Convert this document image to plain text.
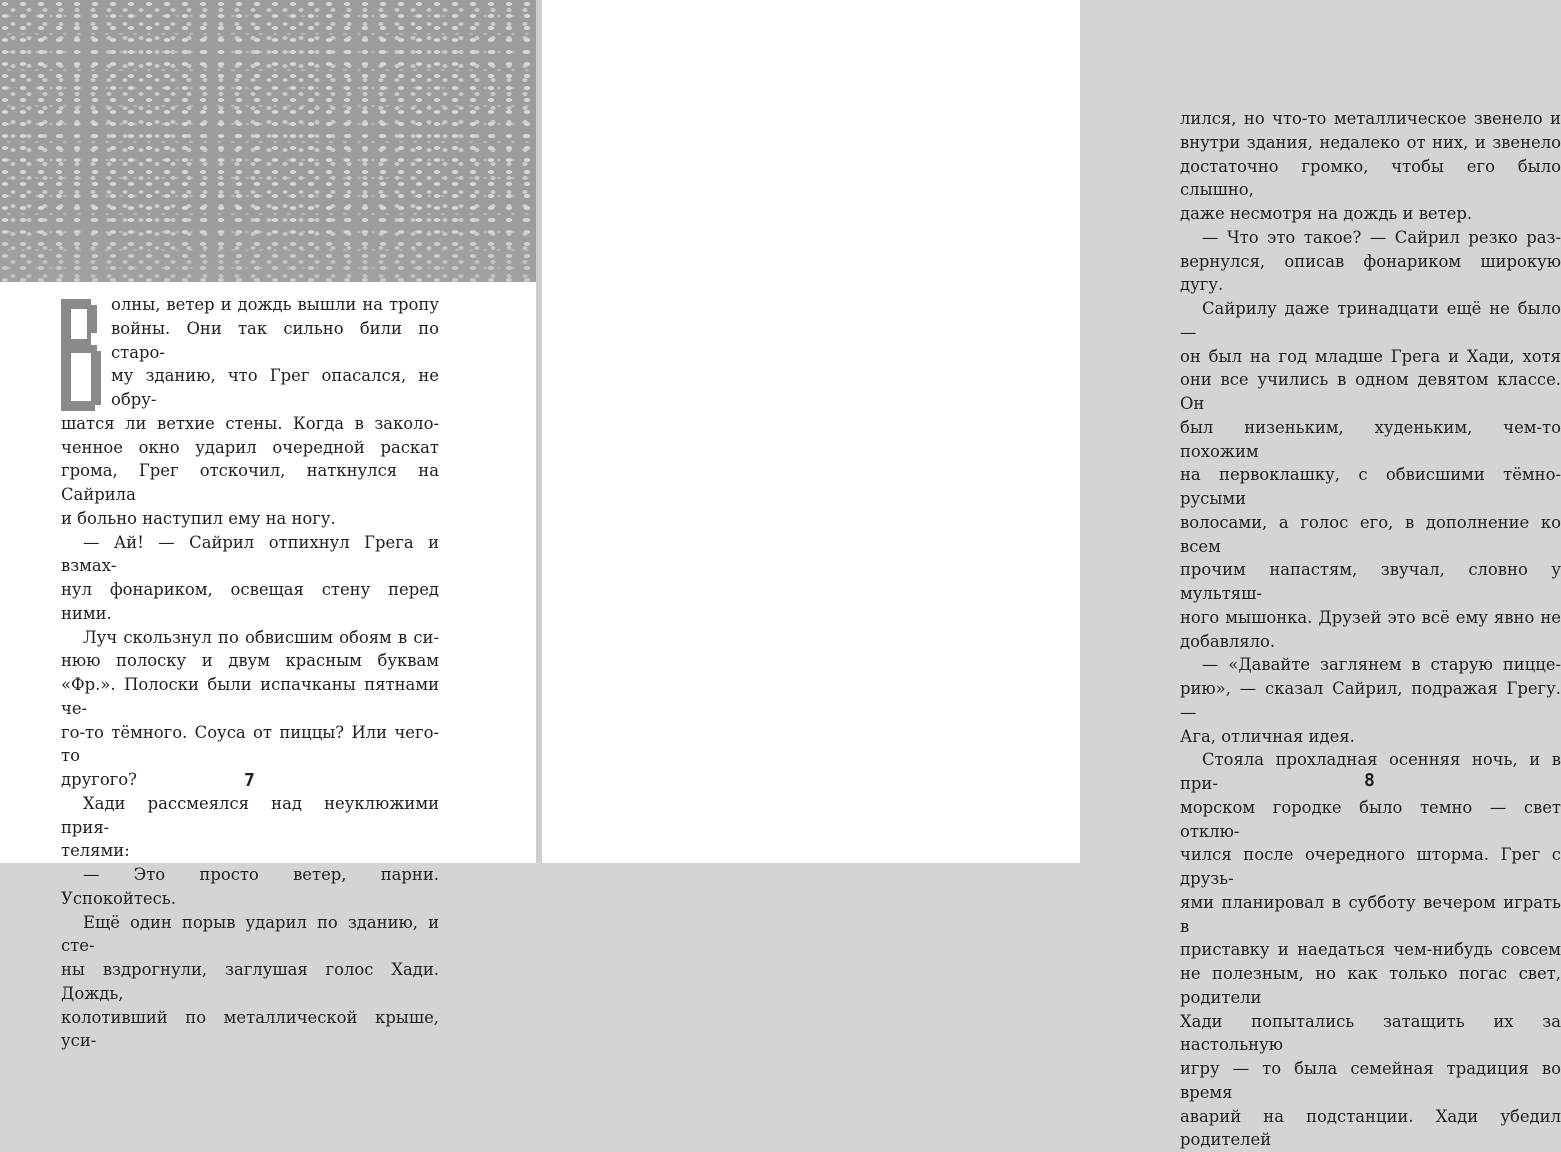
олны, ветер и дождь вышли на тропу
войны. Они так сильно били по старо-
му зданию, что Грег опасался, не обру-
шатся ли ветхие стены. Когда в заколо-
ченное окно ударил очередной раскат
грома, Грег отскочил, наткнулся на Сайрила
и больно наступил ему на ногу.

— Ай! — Сайрил отпихнул Грега и взмах-
нул фонариком, освещая стену перед ними.

Луч скользнул по обвисшим обоям в си-
нюю полоску и двум красным буквам
«Фр.». Полоски были испачканы пятнами че-
го-то тёмного. Соуса от пиццы? Или чего-то
другого?

Хади рассмеялся над неуклюжими прия-
телями:

— Это просто ветер, парни. Успокойтесь.

Ещё один порыв ударил по зданию, и сте-
ны вздрогнули, заглушая голос Хади. Дождь,
колотивший по металлической крыше, уси-

7

лился, но что-то металлическое звенело и
внутри здания, недалеко от них, и звенело
достаточно громко, чтобы его было слышно,
даже несмотря на дождь и ветер.

— Что это такое? — Сайрил резко раз-
вернулся, описав фонариком широкую дугу.

Сайрилу даже тринадцати ещё не было —
он был на год младше Грега и Хади, хотя
они все учились в одном девятом классе. Он
был низеньким, худеньким, чем-то похожим
на первоклашку, с обвисшими тёмно-русыми
волосами, а голос его, в дополнение ко всем
прочим напастям, звучал, словно у мультяш-
ного мышонка. Друзей это всё ему явно не
добавляло.

— «Давайте заглянем в старую пицце-
рию», — сказал Сайрил, подражая Грегу. —
Ага, отличная идея.

Стояла прохладная осенняя ночь, и в при-
морском городке было темно — свет отклю-
чился после очередного шторма. Грег с друзь-
ями планировал в субботу вечером играть в
приставку и наедаться чем-нибудь совсем
не полезным, но как только погас свет, родители
Хади попытались затащить их за настольную
игру — то была семейная традиция во время
аварий на подстанции. Хади убедил родителей

8
